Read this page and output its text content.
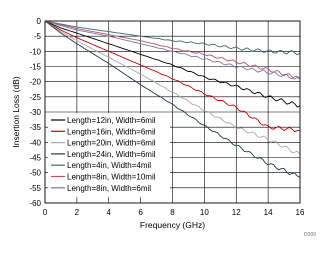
0	2	4	6	8	10	12	14	16
0
-5
-10
-15
-20
-25
-30
-35
-40
-45
-50
-55
-60
Frequency (GHz)
Insertion Loss (dB)	Length=12in, Width=6mil
Length=16in, Width=6mil
Length=20in, Width=6mil
Length=24in, Width=6mil
Length=4in, Width=4mil
Length=8in, Width=10mil
Length=8in, Width=6mil
D009
